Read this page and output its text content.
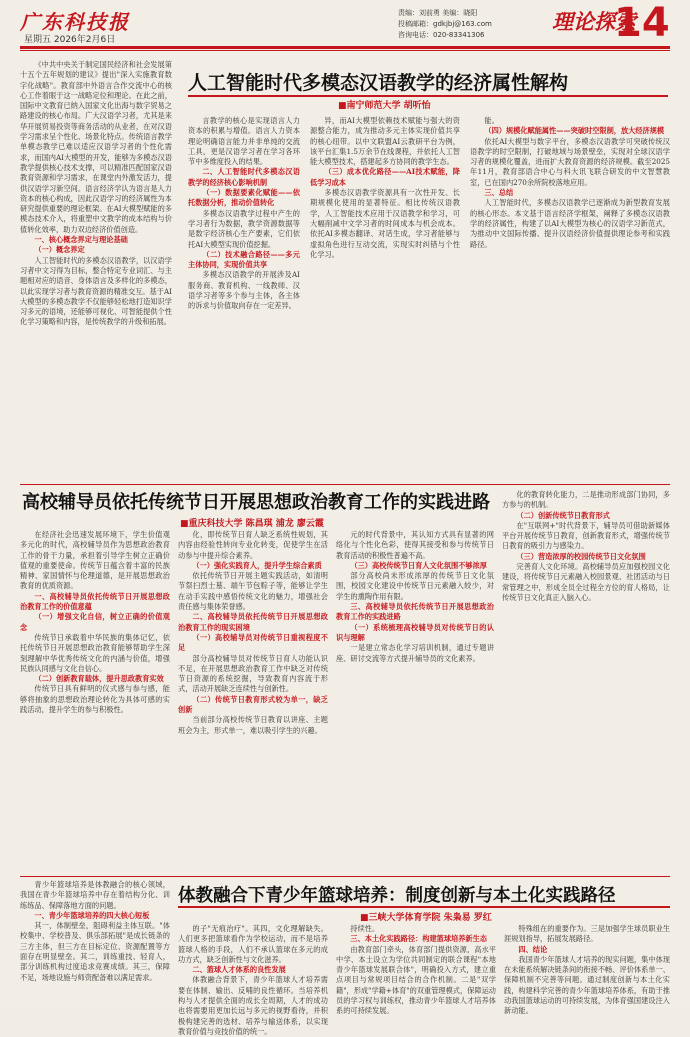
广东科技报
星期五 2026年2月6日
责编：刘前勇 美编：晓阳
投稿邮箱：gdkjbj@163.com
咨询电话：020-83341306
理论探索
14
《中共中央关于制定国民经济和社会发展第十五个五年规划的建议》提出"深入实施教育数字化战略"。教育部中外语言合作交流中心的核心工作着眼于这一战略定位和理论。在此之前，国际中文教育已纳入国家文化出海与数字贸易之路建设的核心布局。广大汉语学习者，尤其是来华开展贸易投资等商务活动的从业者，在对汉语学习需求呈个性化、场景化特点。传统语言教学单模态教学已难以适应汉语学习者的个性化需求，而国内AI大模型的开发，能够为多模态汉语教学提供核心技术支撑，可以精准匹配国家汉语教育资源和学习需求，在课堂内外激发活力，提供汉语学习新空间。语言经济学认为语言是人力资本的核心构成，因此汉语学习的经济属性为本研究提供重要的理论框架。在AI大模型赋能的多模态技术介入，将重塑中文教学的成本结构与价值转化效率，助力双边经济价值创造。
一、核心概念界定与理论基础
（一）概念界定
人工智能时代的多模态汉语教学，以汉语学习者中文习得为目标，整合特定专业词汇、与主题相对应的语音、身体语言及多样化的多模态，以此实现学习者与教育资源的精准交互。基于AI大模型的多模态教学不仅能够轻松地打造知识学习多元的语境，还能够可视化、可智能提供个性化学习策略和内容，是传统教学的升级和拓展。
人工智能时代多模态汉语教学的经济属性解构
■南宁师范大学 胡听怡
言教学的核心是实现语言人力资本的积累与增值。语言人力资本理论明确语言能力并非单纯的交流工具，更是汉语学习者在学习各环节中多维度投入的结果。
二、人工智能时代多模态汉语教学的经济核心影响机制
（一）数据要素化赋能——依托数据分析，推动价值转化
多模态汉语教学过程中产生的学习者行为数据，教学资源数据等是数字经济核心生产要素，它们依托AI大模型实现价值挖掘。
（二）技术融合路径——多元主体协同，实现价值共享
多模态汉语教学的开展涉及AI服务商、教育机构、一线教师、汉语学习者等多个参与主体，各主体的诉求与价值取向存在一定差异。
异，而AI大模型依赖技术赋能与强大的资源整合能力，成为推动多元主体实现价值共享的核心纽带。以中文联盟AI云教研平台为例，该平台汇集1.5万余节在线课程，并依托人工智能大模型技术，搭建起多方协同的教学生态。
（三）成本优化路径——AI技术赋能，降低学习成本
多模态汉语教学资源具有一次性开发、长期规模化使用的显著特征。相比传统汉语教学，人工智能技术应用于汉语教学和学习，可大幅削减中文学习者的时间成本与机会成本。依托AI多模态翻译、对话生成，学习者能够与虚拟角色进行互动交流，实现实时纠错与个性化学习。
能。
（四）规模化赋能属性——突破时空限制，放大经济规模
依托AI大模型与数字平台，多模态汉语教学可突破传统汉语教学的时空限制，打破地域与场景壁垒，实现对全球汉语学习者的规模化覆盖，进而扩大教育资源的经济规模。截至2025年11月，教育部语合中心与科大讯飞联合研发的中文智慧教室，已在国内270余所院校落地应用。
三、总结
人工智能时代，多模态汉语教学已逐渐成为新型教育发展的核心形态。本文基于语言经济学框架，阐释了多模态汉语教学的经济属性，构建了以AI大模型为核心的汉语学习新范式，为推动中文国际传播、提升汉语经济价值提供理论参考和实践路径。
高校辅导员依托传统节日开展思想政治教育工作的实践进路
■重庆科技大学 陈昌琪 浦龙 廖云霞
在经济社会迅速发展环境下，学生价值观多元化的时代，高校辅导员作为思想政治教育工作的骨干力量，承担着引导学生树立正确价值观的重要使命。传统节日蕴含着丰富的民族精神、家国情怀与伦理道德，是开展思想政治教育的优质资源。
一、高校辅导员依托传统节日开展思想政治教育工作的价值意蕴
（一）增强文化自信，树立正确的价值观念
传统节日承载着中华民族的集体记忆，依托传统节日开展思想政治教育能够帮助学生深刻理解中华优秀传统文化的内涵与价值，增强民族认同感与文化自信心。
（二）创新教育载体，提升思政教育实效
传统节日具有鲜明的仪式感与参与感，能够将抽象的思想政治理论转化为具体可感的实践活动，提升学生的参与积极性。
化，即传统节日育人缺乏系统性规划，其内容由经验性转向专业化转变，促使学生在活动参与中提升综合素养。
（一）强化实践育人，提升学生综合素质
依托传统节日开展主题实践活动，如清明节祭扫烈士墓、端午节包粽子等，能够让学生在动手实践中感悟传统文化的魅力，增强社会责任感与集体荣誉感。
二、高校辅导员依托传统节日开展思想政治教育工作的现实困境
（一）高校辅导员对传统节日重视程度不足
部分高校辅导员对传统节日育人功能认识不足，在开展思想政治教育工作中缺乏对传统节日资源的系统挖掘，导致教育内容流于形式，活动开展缺乏连续性与创新性。
（二）传统节日教育形式较为单一，缺乏创新
当前部分高校传统节日教育以讲座、主题班会为主，形式单一，难以吸引学生的兴趣。
元的时代背景中，其认知方式具有显著的网络化与个性化色彩，使得其接受和参与传统节日教育活动的积极性普遍不高。
（三）高校传统节日育人文化氛围不够浓厚
部分高校尚未形成浓厚的传统节日文化氛围，校园文化建设中传统节日元素融入较少，对学生的熏陶作用有限。
三、高校辅导员依托传统节日开展思想政治教育工作的实践进路
（一）系统梳理高校辅导员对传统节日的认识与理解
一是建立常态化学习培训机制，通过专题讲座、研讨交流等方式提升辅导员的文化素养。
化的教育转化能力，二是推动形成部门协同，多方参与的机制。
（二）创新传统节日教育形式
在"互联网+"时代背景下，辅导员可借助新媒体平台开展传统节日教育，创新教育形式，增强传统节日教育的吸引力与感染力。
（三）营造浓厚的校园传统节日文化氛围
完善育人文化环境。高校辅导员应加强校园文化建设，将传统节日元素融入校园景观、社团活动与日常管理之中，形成全员全过程全方位的育人格局，让传统节日文化真正入脑入心。
青少年篮球培养是体教融合的核心领域，我国在青少年篮球培养中存在着结构分化、训练练品、保障落地方面的问题。
一、青少年篮球培养的四大核心短板
其一，体制壁垒，阻碍利益主体互联。"体校集中、学校普及、俱乐部拓展"是成长链条的三方主体，但三方在目标定位、资源配置等方面存在明显壁垒。其二，训练重技、轻育人，部分训练机构过度追求竞赛成绩。其三，保障不足，场地设施与师资配备难以满足需求。
体教融合下青少年篮球培养：制度创新与本土化实践路径
■三峡大学体育学院 朱枭易 罗红
的子"无痕治疗"。其四，文化理解缺失。人们更多把篮球看作为学校运动，而不是培养篮球人格的手段，人们不承认篮球在多元的成功方式，缺乏创新性与文化滋养。
二、篮球人才体系的良性发展
体教融合背景下，青少年篮球人才培养需要在体制、输出、反哺的良性循环。当培养机构与人才提供全面的成长全周期，人才的成功也将需要用更加长远与多元的视野看待，并积极构建完善的选材、培养与输送体系，以实现教育价值与竞技价值的统一。
持续性。
三、本土化实践路径：构建篮球培养新生态
由教育部门牵头，体育部门提供资源，高水平中学、本土设立为学位共同制定的联合课程"本地青少年篮球发展联合体"，明确投入方式，建立重点项目与常规项目结合的合作机制。二是"双学籍"，形成"学籍+体育"的双重管理模式，保障运动员的学习权与训练权，推动青少年篮球人才培养体系的可持续发展。
特殊组在的重要作为。三是加强学生球员职业生涯规划指导，拓展发展路径。
四、结论
我国青少年篮球人才培养的现实问题，集中体现在未能系统解决链条间的衔接不畅、评价体系单一、保障机制不完善等问题。通过制度创新与本土化实践，构建科学完善的青少年篮球培养体系，有助于推动我国篮球运动的可持续发展，为体育强国建设注入新动能。
